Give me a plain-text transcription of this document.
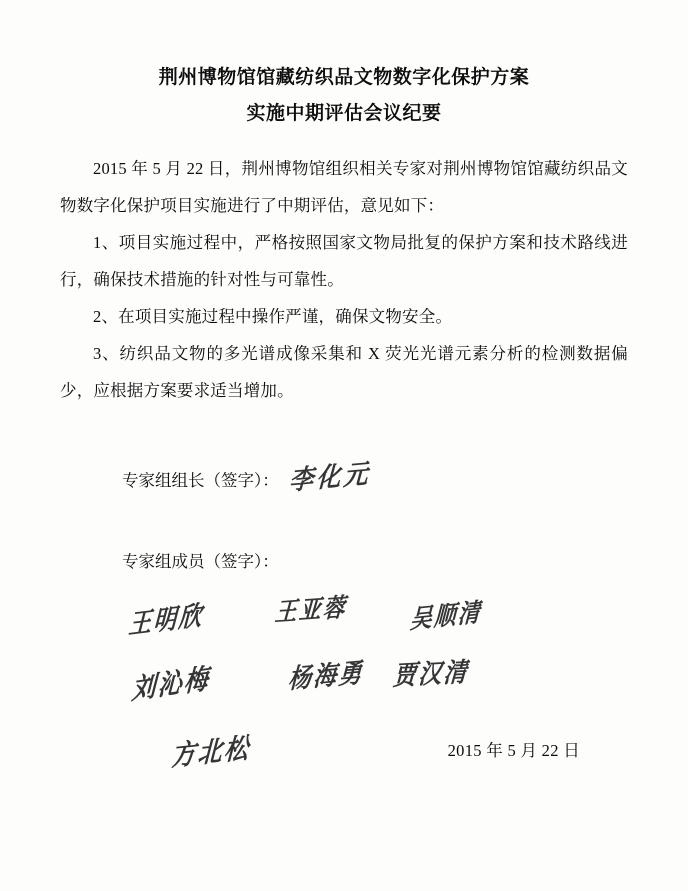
荆州博物馆馆藏纺织品文物数字化保护方案
实施中期评估会议纪要

2015 年 5 月 22 日，荆州博物馆组织相关专家对荆州博物馆馆藏纺织品文物数字化保护项目实施进行了中期评估，意见如下：

1、项目实施过程中，严格按照国家文物局批复的保护方案和技术路线进行，确保技术措施的针对性与可靠性。

2、在项目实施过程中操作严谨，确保文物安全。

3、纺织品文物的多光谱成像采集和 X 荧光光谱元素分析的检测数据偏少，应根据方案要求适当增加。

专家组组长（签字）： 李化元
专家组成员（签字）：
王明欣	王亚蓉	吴顺清
刘沁梅	杨海勇 贾汉清
方北松	2015 年 5 月 22 日
